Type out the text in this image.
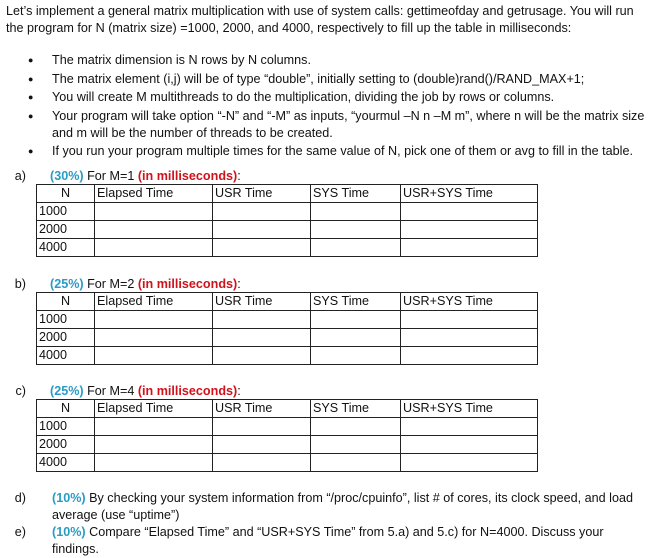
Let’s implement a general matrix multiplication with use of system calls: gettimeofday and getrusage. You will run the program for N (matrix size) =1000, 2000, and 4000, respectively to fill up the table in milliseconds:
● The matrix dimension is N rows by N columns.
● The matrix element (i,j) will be of type “double”, initially setting to (double)rand()/RAND_MAX+1;
● You will create M multithreads to do the multiplication, dividing the job by rows or columns.
● Your program will take option “-N” and “-M” as inputs, “yourmul –N n –M m”, where n will be the matrix size and m will be the number of threads to be created.
● If you run your program multiple times for the same value of N, pick one of them or avg to fill in the table.
a) (30%) For M=1 (in milliseconds):
N	Elapsed Time	USR Time	SYS Time	USR+SYS Time
1000				
2000				
4000				
b) (25%) For M=2 (in milliseconds):
N	Elapsed Time	USR Time	SYS Time	USR+SYS Time
1000				
2000				
4000				
c) (25%) For M=4 (in milliseconds):
N	Elapsed Time	USR Time	SYS Time	USR+SYS Time
1000				
2000				
4000				
d) (10%) By checking your system information from “/proc/cpuinfo”, list # of cores, its clock speed, and load average (use “uptime”)
e) (10%) Compare “Elapsed Time” and “USR+SYS Time” from 5.a) and 5.c) for N=4000. Discuss your findings.
